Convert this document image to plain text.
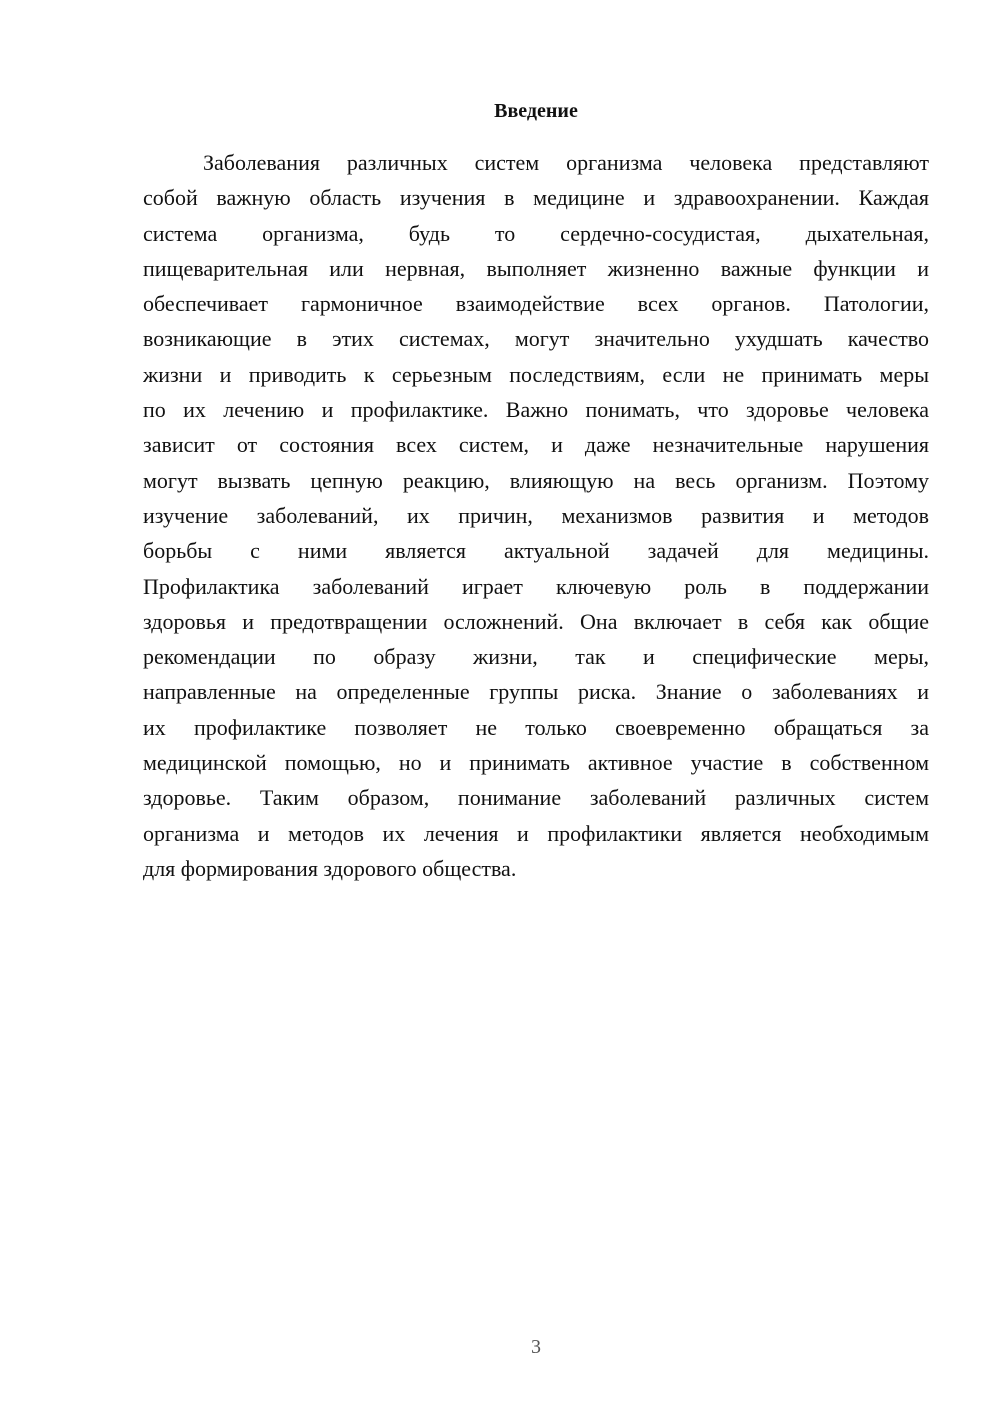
Введение
Заболевания различных систем организма человека представляют
собой важную область изучения в медицине и здравоохранении. Каждая
система организма, будь то сердечно-сосудистая, дыхательная,
пищеварительная или нервная, выполняет жизненно важные функции и
обеспечивает гармоничное взаимодействие всех органов. Патологии,
возникающие в этих системах, могут значительно ухудшать качество
жизни и приводить к серьезным последствиям, если не принимать меры
по их лечению и профилактике. Важно понимать, что здоровье человека
зависит от состояния всех систем, и даже незначительные нарушения
могут вызвать цепную реакцию, влияющую на весь организм. Поэтому
изучение заболеваний, их причин, механизмов развития и методов
борьбы с ними является актуальной задачей для медицины.
Профилактика заболеваний играет ключевую роль в поддержании
здоровья и предотвращении осложнений. Она включает в себя как общие
рекомендации по образу жизни, так и специфические меры,
направленные на определенные группы риска. Знание о заболеваниях и
их профилактике позволяет не только своевременно обращаться за
медицинской помощью, но и принимать активное участие в собственном
здоровье. Таким образом, понимание заболеваний различных систем
организма и методов их лечения и профилактики является необходимым
для формирования здорового общества.
3
